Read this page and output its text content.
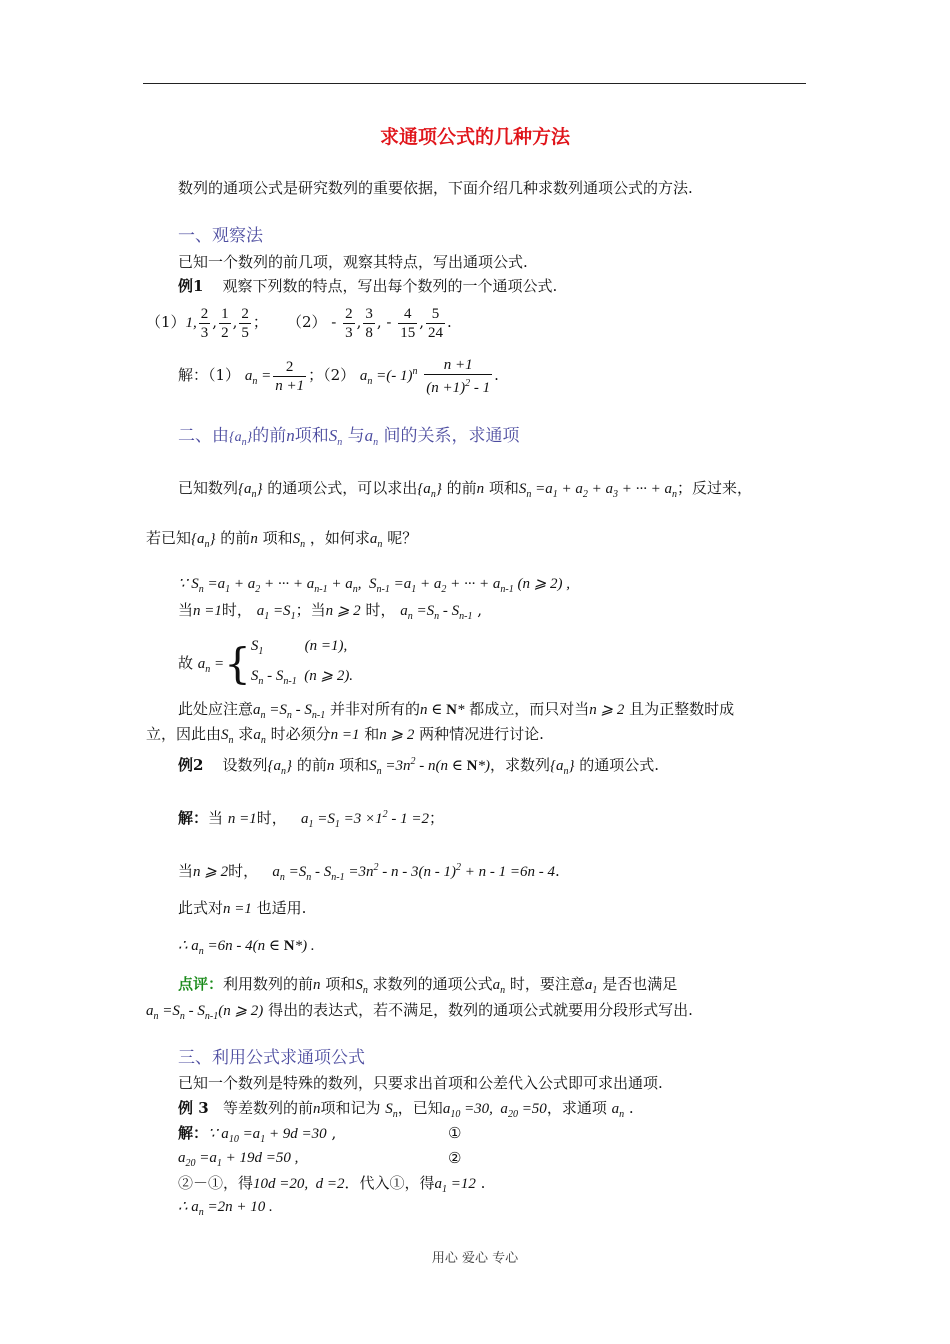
求通项公式的几种方法
数列的通项公式是研究数列的重要依据，下面介绍几种求数列通项公式的方法.
一、观察法
已知一个数列的前几项，观察其特点，写出通项公式.
例1 观察下列数的特点，写出每个数列的一个通项公式.
（1）1, $\frac{2}{3}$ , $\frac{1}{2}$ , $\frac{2}{5}$ ；    $(2) - \frac{2}{3}$ , $\frac{3}{8}$ , - $\frac{4}{15}$ , $\frac{5}{24}$ .
解：（1） $a_n = \frac{2}{n +1}$ ；（2） $a_n$ =(- $1)^n \frac{n +1}{(n +1)^2 - 1}$ .
二、由$\{a_n\}$的前n项和$S_n$ 与$a_n$ 间的关系，求通项
已知数列$\{a_n\}$ 的通项公式，可以求出$\{a_n\}$ 的前n 项和$S_n =a_1 + a_2 + a_3$ + ··· + $a_n$；反过来，
若已知$\{a_n\}$ 的前n 项和$S_n$ ，如何求$a_n$ 呢？
∵ $S_n =a_1 + a_2$ + ··· + $a_{n-1} + a_n$,  $S_{n-1} =a_1 + a_2$ + ··· + $a_{n-1}$ (n ⩾ 2) ,
当n =1时， $a_1 =S_1$；当n ⩾ 2 时， $a_n =S_n - S_{n-1}$ ,
故 $a_n$ ={ $S_1$           (n =1),
$S_n - S_{n-1}$  (n ⩾ 2).
此处应注意$a_n =S_n - S_{n-1}$ 并非对所有的n ∈ N* 都成立，而只对当n ⩾ 2 且为正整数时成
立，因此由$S_n$ 求$a_n$ 时必须分n =1 和n ⩾ 2 两种情况进行讨论.
例2 设数列$\{a_n\}$ 的前n 项和$S_n =3n^2 - n(n$ ∈ N*)，求数列$\{a_n\}$ 的通项公式.
解：当 n =1时， $a_1 =S_1 =3 \times 1^2 - 1 =2$；
当n ⩾ 2时， $a_n =S_n - S_{n-1} =3n^2 - n - 3(n - 1)^2 + n - 1 =6n - 4$.
此式对n =1 也适用.
∴ $a_n =6n - 4(n$ ∈ N*) .
点评：利用数列的前n 项和$S_n$ 求数列的通项公式$a_n$ 时，要注意$a_1$ 是否也满足
$a_n =S_n - S_{n-1}(n$ ⩾ 2) 得出的表达式，若不满足，数列的通项公式就要用分段形式写出.
三、利用公式求通项公式
已知一个数列是特殊的数列，只要求出首项和公差代入公式即可求出通项.
例 3 等差数列的前n项和记为 $S_n$，已知$a_{10} =30$,  $a_{20} =50$，求通项 $a_n$ .
解：∵ $a_{10} =a_1 + 9d =30$ ,	①
$a_{20} =a_1 + 19d =50$ ,	②
②－①，得10d =20,  d =2．代入①，得$a_1 =12$ .
∴ $a_n =2n + 10$ .
用心 爱心 专心
